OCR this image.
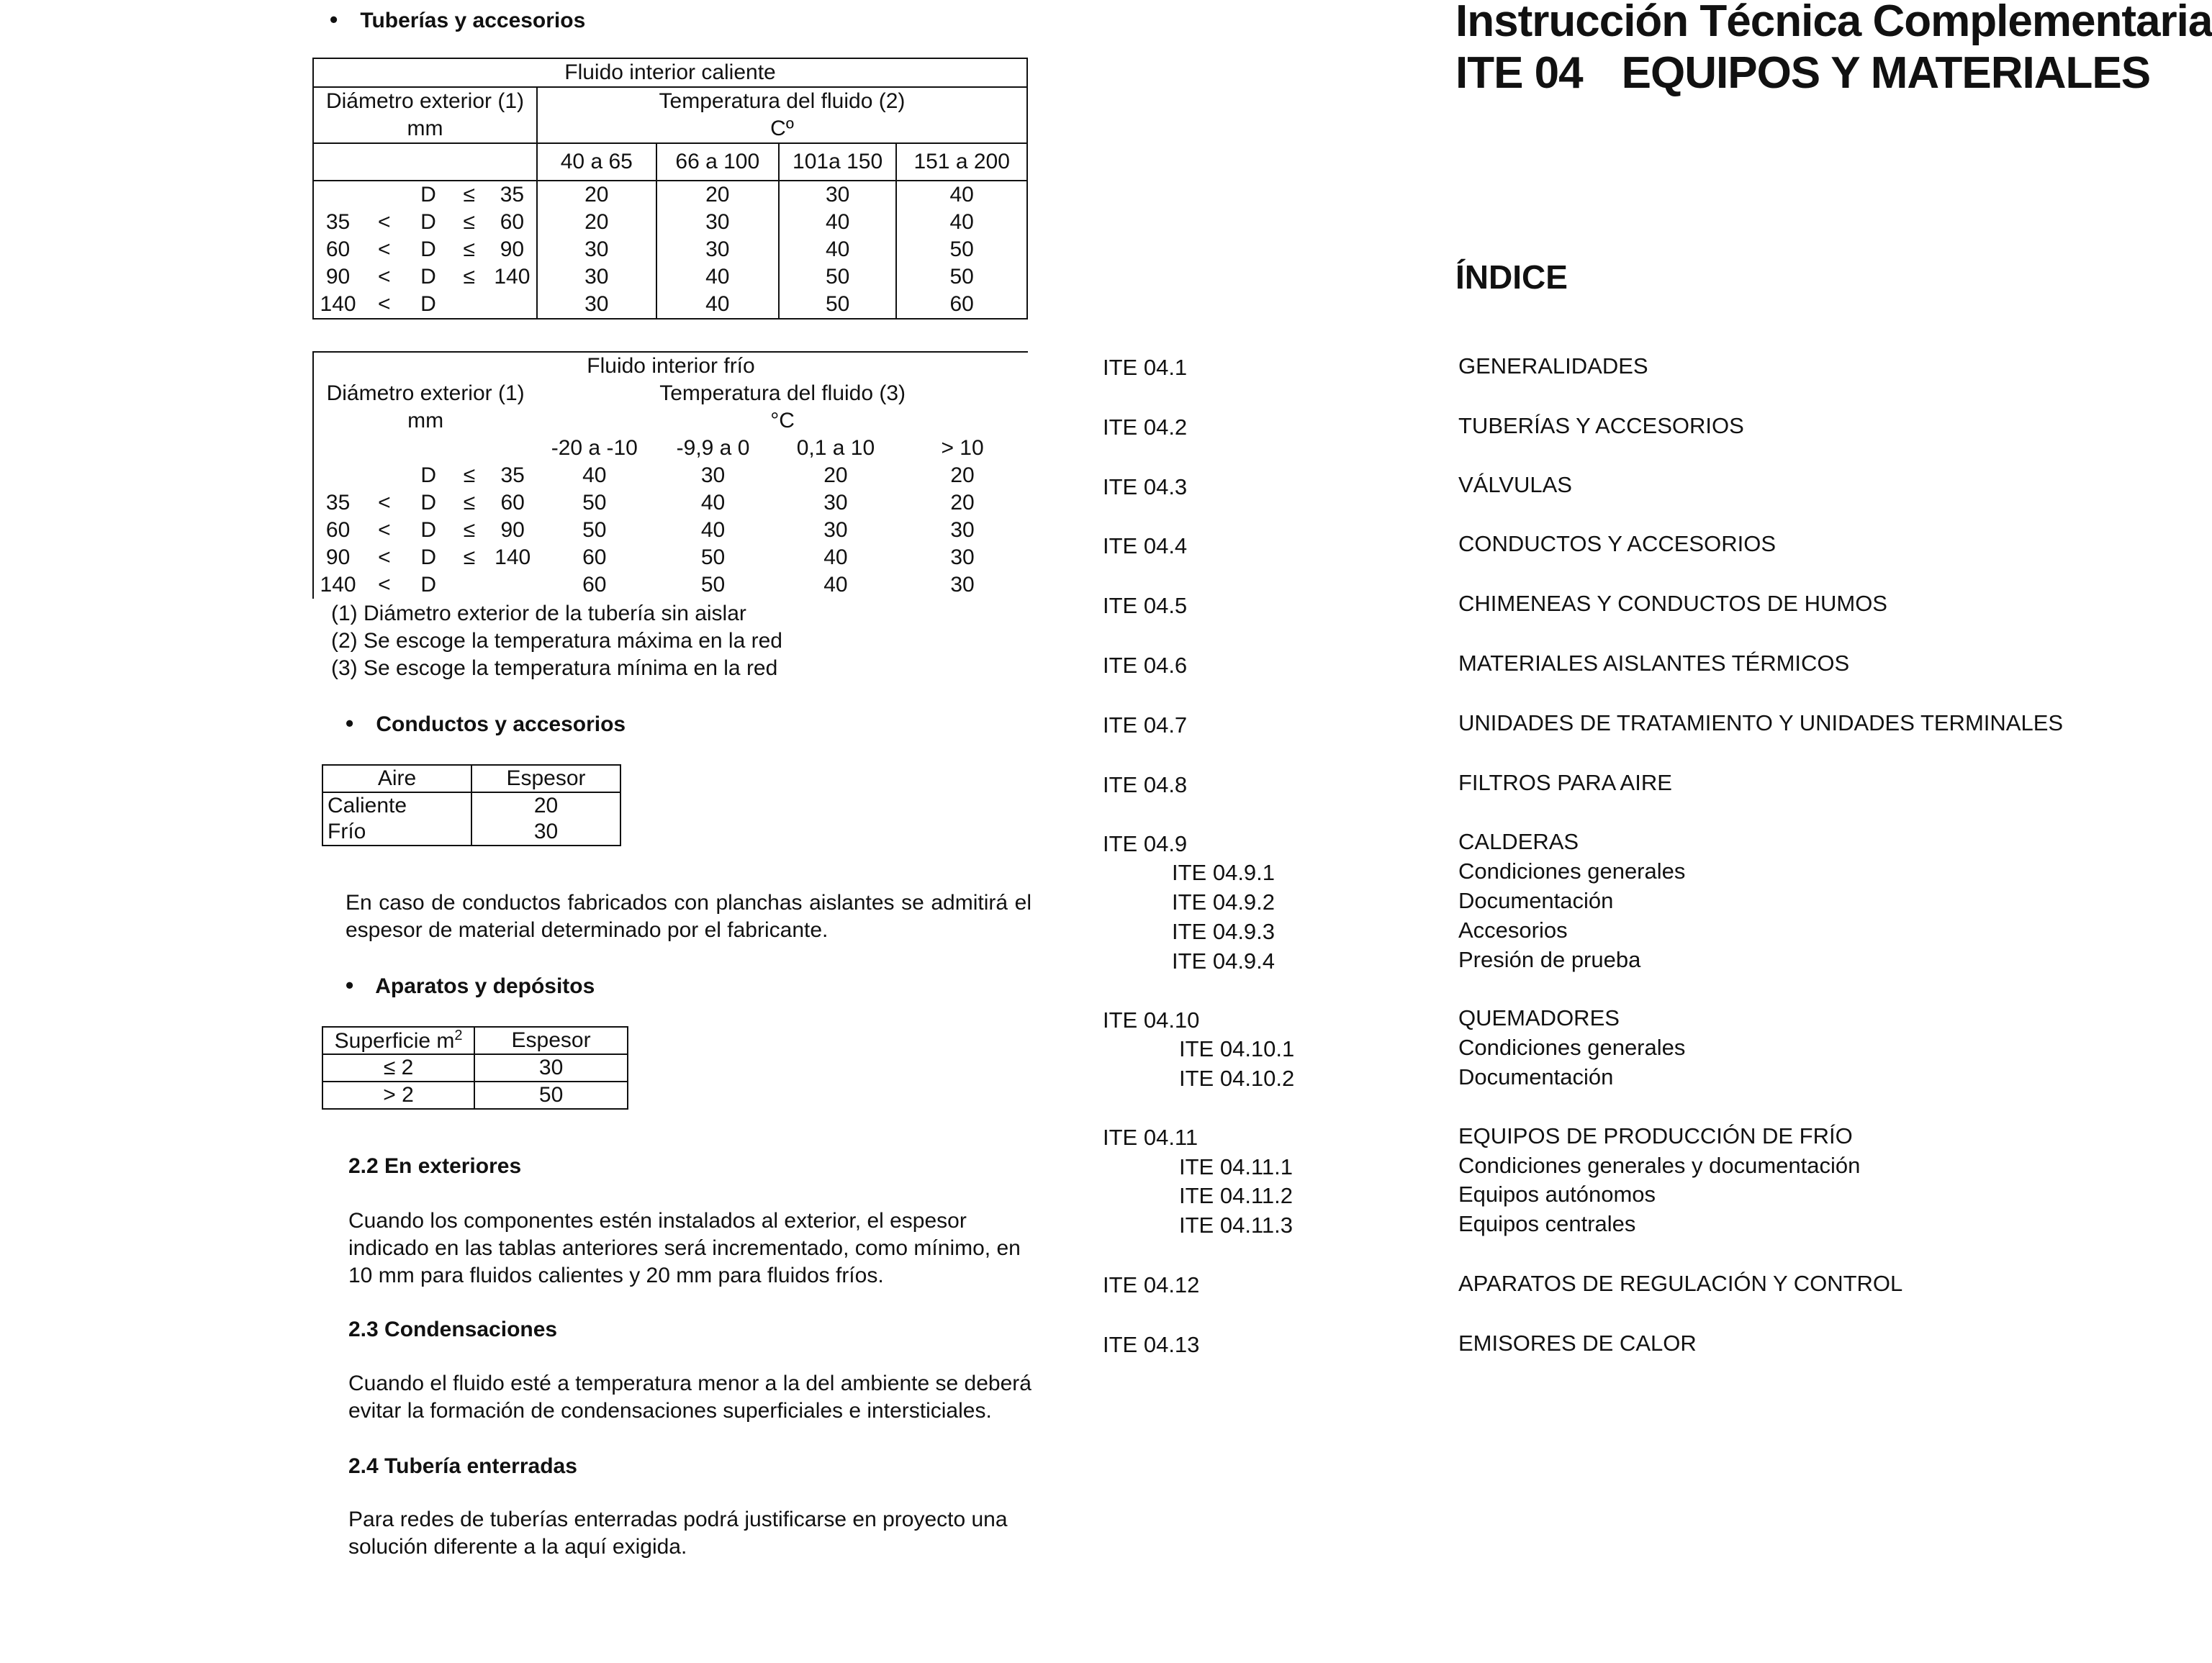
• Tuberías y accesorios
Fluido interior caliente								
Diámetro exterior (1)					Temperatura del fluido (2)			
mm					Cº			
					40 a 65	66 a 100	101a 150	151 a 200
		D	≤	35	20	20	30	40
35	<	D	≤	60	20	30	40	40
60	<	D	≤	90	30	30	40	50
90	<	D	≤	140	30	40	50	50
140	<	D			30	40	50	60
Fluido interior frío								
Diámetro exterior (1)					Temperatura del fluido (3)			
mm					°C			
					-20 a -10	-9,9 a 0	0,1 a 10	> 10
		D	≤	35	40	30	20	20
35	<	D	≤	60	50	40	30	20
60	<	D	≤	90	50	40	30	30
90	<	D	≤	140	60	50	40	30
140	<	D			60	50	40	30
(1) Diámetro exterior de la tubería sin aislar
(2) Se escoge la temperatura máxima en la red
(3) Se escoge la temperatura mínima en la red
• Conductos y accesorios
Aire	Espesor
Caliente	20
Frío	30
En caso de conductos fabricados con planchas aislantes se admitirá el espesor de material determinado por el fabricante.
• Aparatos y depósitos
Superficie $m^2$	Espesor
≤ 2	30
> 2	50
2.2 En exteriores
Cuando los componentes estén instalados al exterior, el espesor indicado en las tablas anteriores será incrementado, como mínimo, en 10 mm para fluidos calientes y 20 mm para fluidos fríos.
2.3 Condensaciones
Cuando el fluido esté a temperatura menor a la del ambiente se deberá evitar la formación de condensaciones superficiales e intersticiales.
2.4 Tubería enterradas
Para redes de tuberías enterradas podrá justificarse en proyecto una solución diferente a la aquí exigida.
Instrucción Técnica Complementaria
ITE 04 EQUIPOS Y MATERIALES
ÍNDICE
ITE 04.1	GENERALIDADES
ITE 04.2	TUBERÍAS Y ACCESORIOS
ITE 04.3	VÁLVULAS
ITE 04.4	CONDUCTOS Y ACCESORIOS
ITE 04.5	CHIMENEAS Y CONDUCTOS DE HUMOS
ITE 04.6	MATERIALES AISLANTES TÉRMICOS
ITE 04.7	UNIDADES DE TRATAMIENTO Y UNIDADES TERMINALES
ITE 04.8	FILTROS PARA AIRE
ITE 04.9	CALDERAS
ITE 04.9.1	Condiciones generales
ITE 04.9.2	Documentación
ITE 04.9.3	Accesorios
ITE 04.9.4	Presión de prueba
ITE 04.10	QUEMADORES
ITE 04.10.1	Condiciones generales
ITE 04.10.2	Documentación
ITE 04.11	EQUIPOS DE PRODUCCIÓN DE FRÍO
ITE 04.11.1	Condiciones generales y documentación
ITE 04.11.2	Equipos autónomos
ITE 04.11.3	Equipos centrales
ITE 04.12	APARATOS DE REGULACIÓN Y CONTROL
ITE 04.13	EMISORES DE CALOR
